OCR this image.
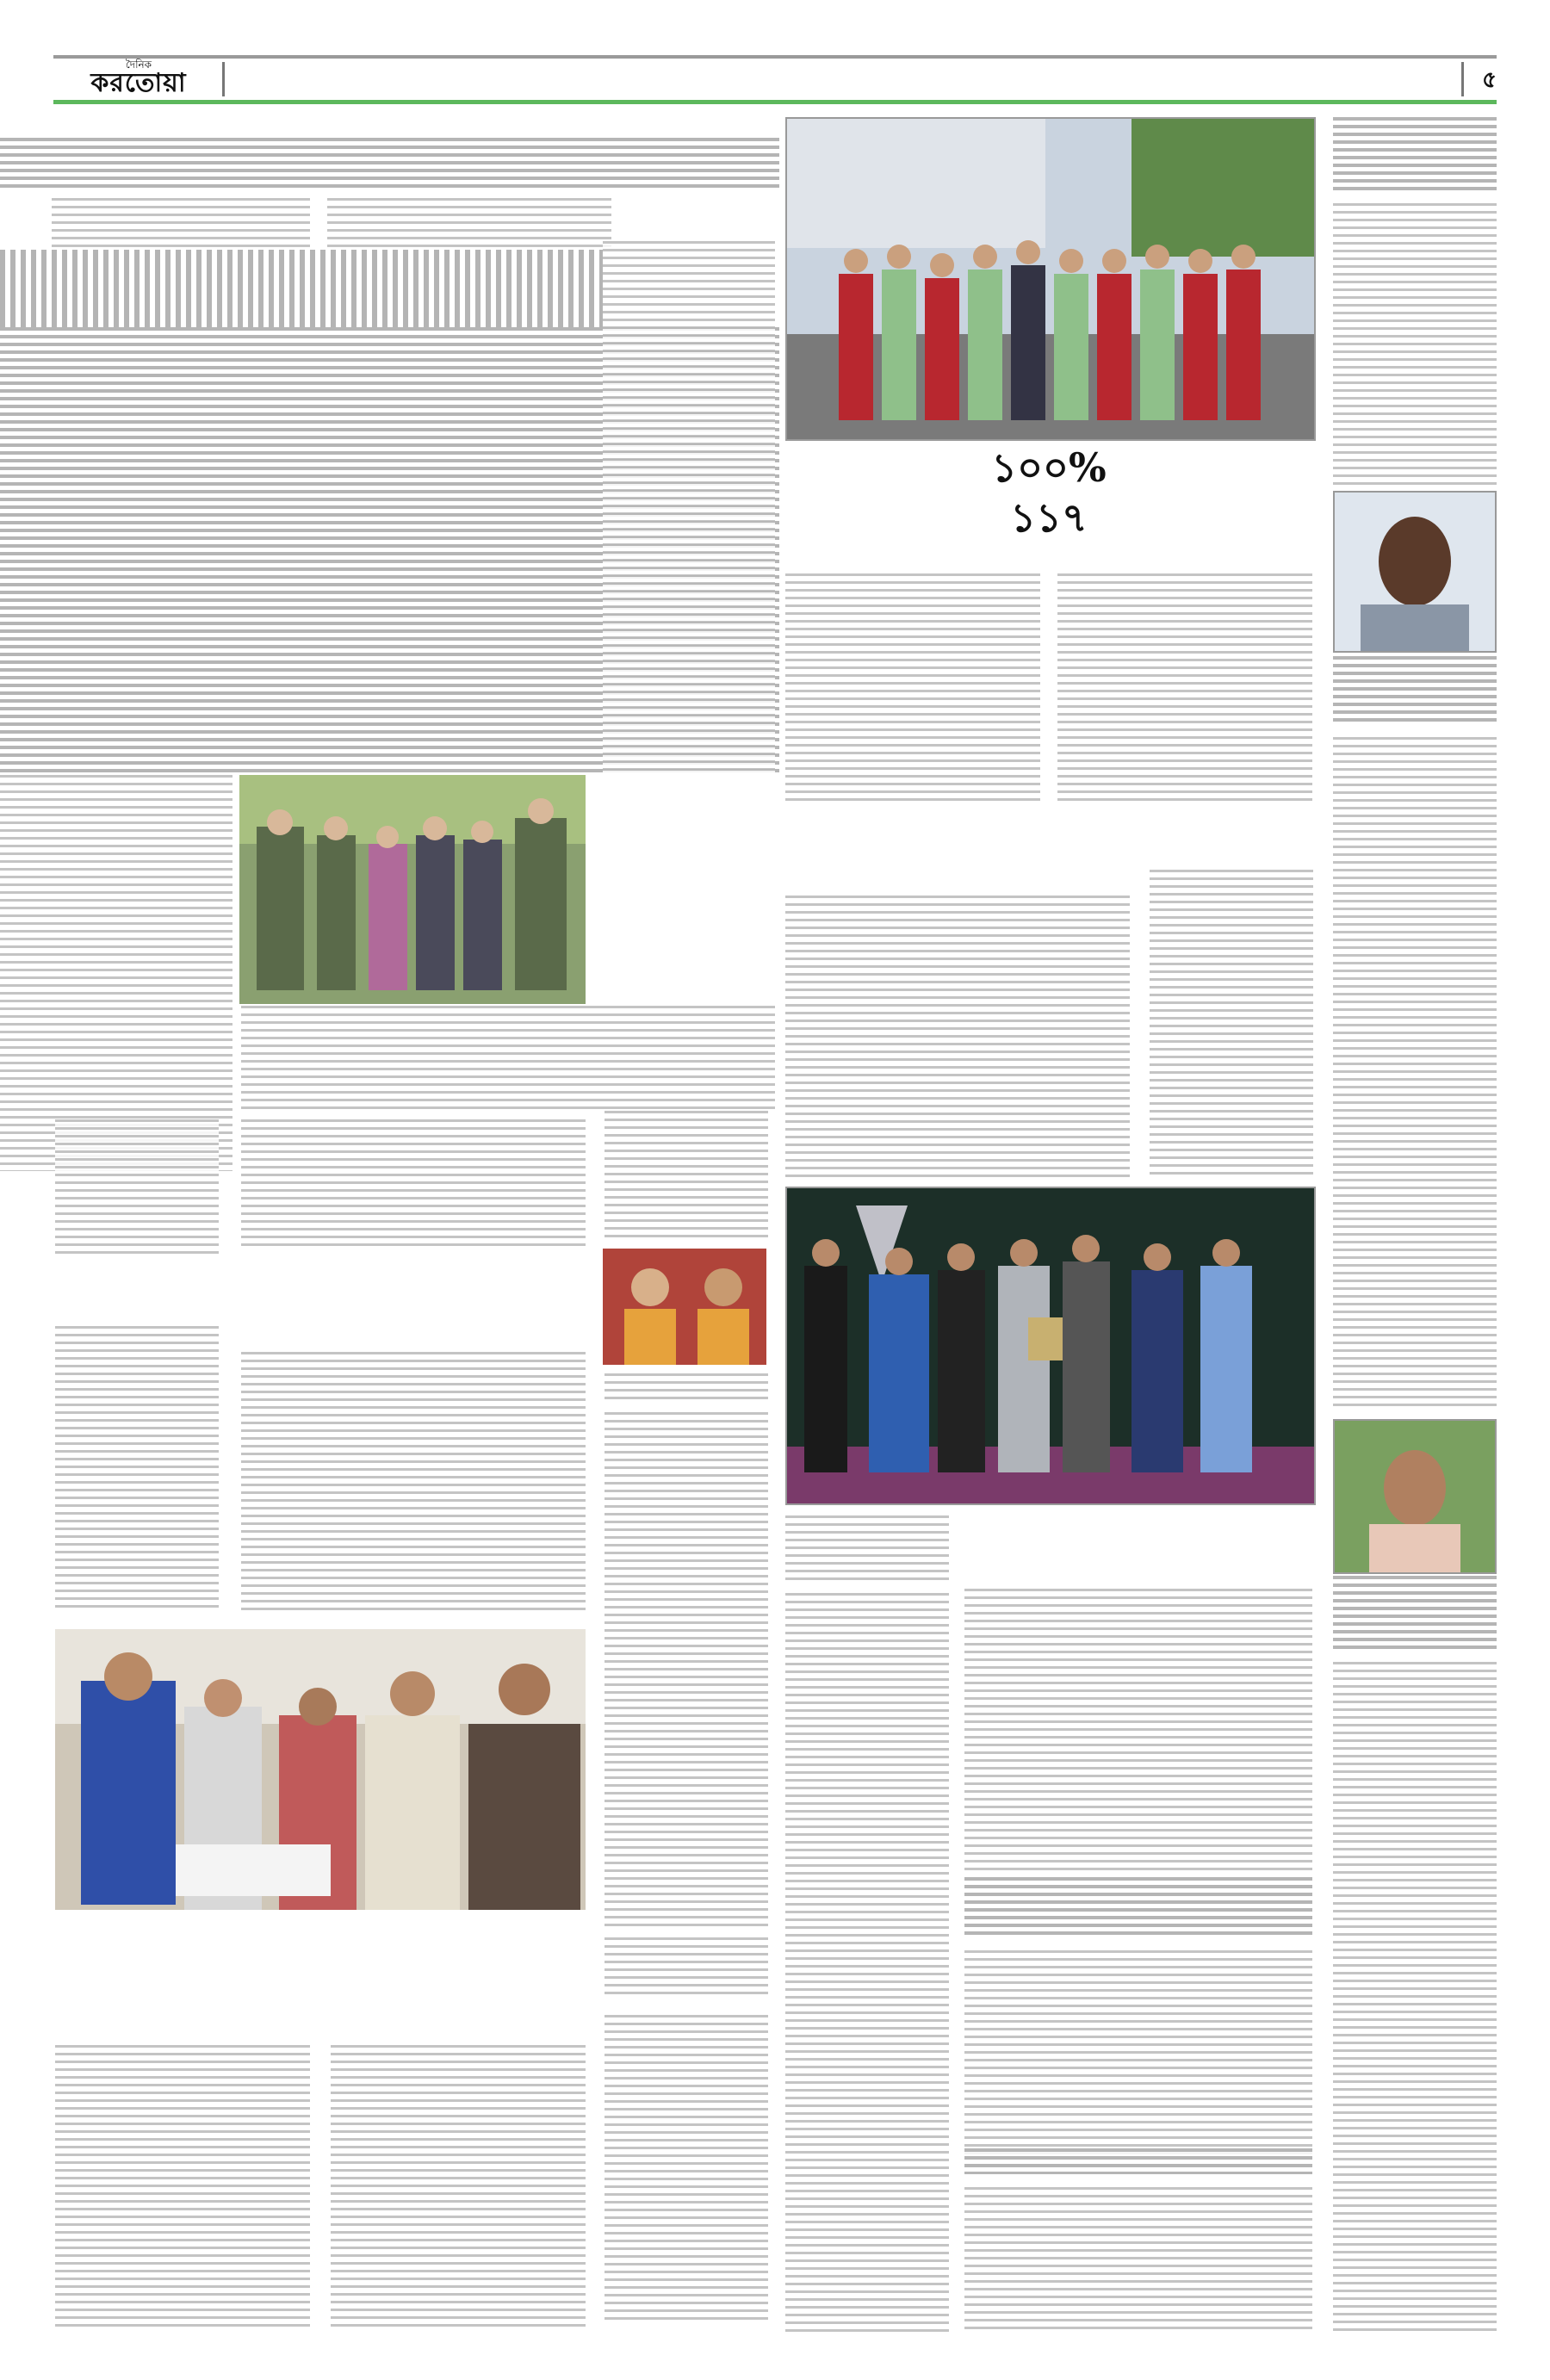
দৈনিক
করতোয়া	৫
১০০%
১১৭
